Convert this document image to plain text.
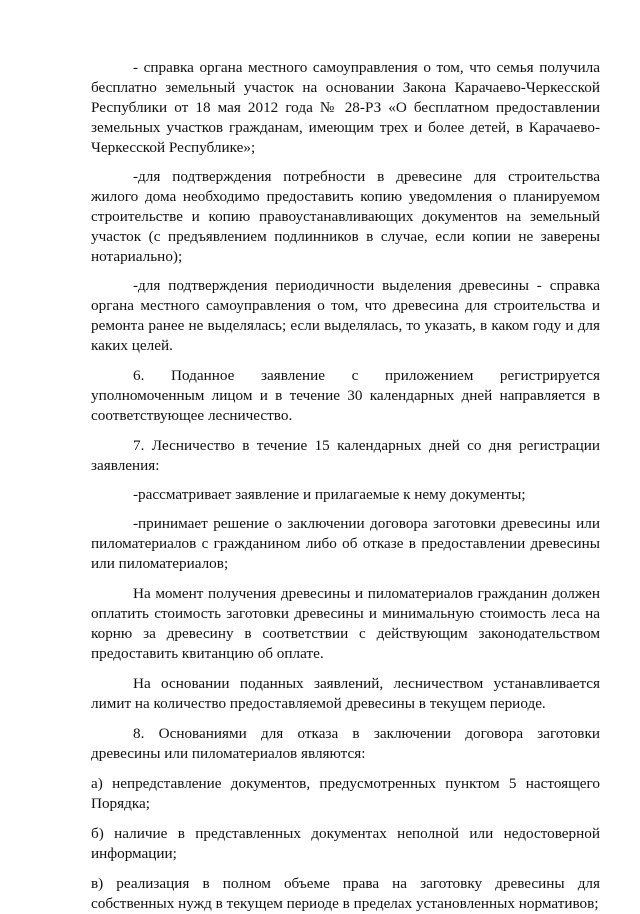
- справка органа местного самоуправления о том, что семья получила бесплатно земельный участок на основании Закона Карачаево-Черкесской Республики от 18 мая 2012 года № 28-РЗ «О бесплатном предоставлении земельных участков гражданам, имеющим трех и более детей, в Карачаево-Черкесской Республике»;

-для подтверждения потребности в древесине для строительства жилого дома необходимо предоставить копию уведомления о планируемом строительстве и копию правоустанавливающих документов на земельный участок (с предъявлением подлинников в случае, если копии не заверены нотариально);

-для подтверждения периодичности выделения древесины - справка органа местного самоуправления о том, что древесина для строительства и ремонта ранее не выделялась; если выделялась, то указать, в каком году и для каких целей.

6. Поданное заявление с приложением регистрируется уполномоченным лицом и в течение 30 календарных дней направляется в соответствующее лесничество.

7. Лесничество в течение 15 календарных дней со дня регистрации заявления:

-рассматривает заявление и прилагаемые к нему документы;

-принимает решение о заключении договора заготовки древесины или пиломатериалов с гражданином либо об отказе в предоставлении древесины или пиломатериалов;

На момент получения древесины и пиломатериалов гражданин должен оплатить стоимость заготовки древесины и минимальную стоимость леса на корню за древесину в соответствии с действующим законодательством предоставить квитанцию об оплате.

На основании поданных заявлений, лесничеством устанавливается лимит на количество предоставляемой древесины в текущем периоде.

8. Основаниями для отказа в заключении договора заготовки древесины или пиломатериалов являются:

а) непредставление документов, предусмотренных пунктом 5 настоящего Порядка;

б) наличие в представленных документах неполной или недостоверной информации;

в) реализация в полном объеме права на заготовку древесины для собственных нужд в текущем периоде в пределах установленных нормативов;
